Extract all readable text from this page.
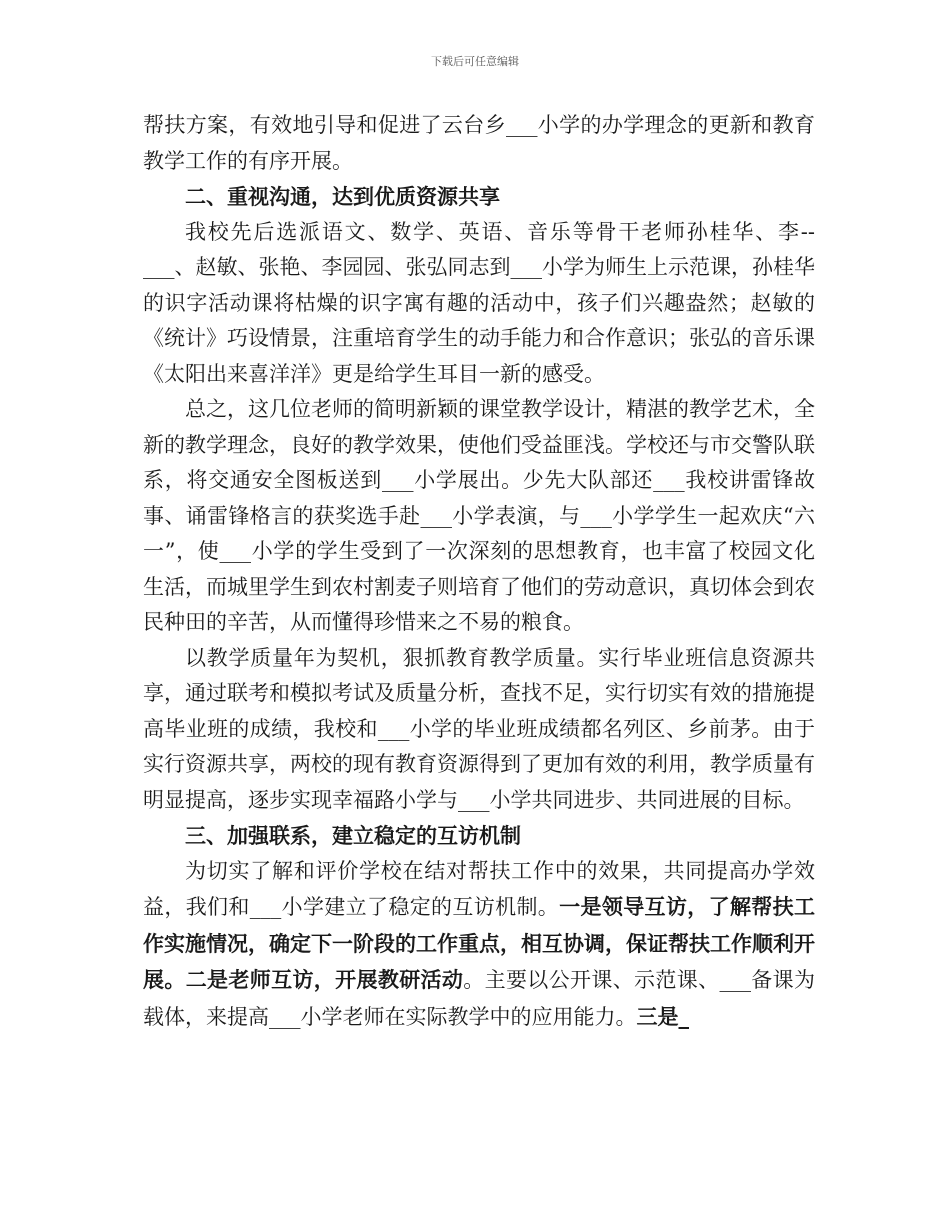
下载后可任意编辑

帮扶方案，有效地引导和促进了云台乡___小学的办学理念的更新和教育教学工作的有序开展。

二、重视沟通，达到优质资源共享

我校先后选派语文、数学、英语、音乐等骨干老师孙桂华、李--___、赵敏、张艳、李园园、张弘同志到___小学为师生上示范课，孙桂华的识字活动课将枯燥的识字寓有趣的活动中，孩子们兴趣盎然；赵敏的《统计》巧设情景，注重培育学生的动手能力和合作意识；张弘的音乐课《太阳出来喜洋洋》更是给学生耳目一新的感受。

总之，这几位老师的简明新颖的课堂教学设计，精湛的教学艺术，全新的教学理念，良好的教学效果，使他们受益匪浅。学校还与市交警队联系，将交通安全图板送到___小学展出。少先大队部还___我校讲雷锋故事、诵雷锋格言的获奖选手赴___小学表演，与___小学学生一起欢庆“六一”，使___小学的学生受到了一次深刻的思想教育，也丰富了校园文化生活，而城里学生到农村割麦子则培育了他们的劳动意识，真切体会到农民种田的辛苦，从而懂得珍惜来之不易的粮食。

以教学质量年为契机，狠抓教育教学质量。实行毕业班信息资源共享，通过联考和模拟考试及质量分析，查找不足，实行切实有效的措施提高毕业班的成绩，我校和___小学的毕业班成绩都名列区、乡前茅。由于实行资源共享，两校的现有教育资源得到了更加有效的利用，教学质量有明显提高，逐步实现幸福路小学与___小学共同进步、共同进展的目标。

三、加强联系，建立稳定的互访机制

为切实了解和评价学校在结对帮扶工作中的效果，共同提高办学效益，我们和___小学建立了稳定的互访机制。一是领导互访，了解帮扶工作实施情况，确定下一阶段的工作重点，相互协调，保证帮扶工作顺利开展。二是老师互访，开展教研活动。主要以公开课、示范课、___备课为载体，来提高___小学老师在实际教学中的应用能力。三是_
